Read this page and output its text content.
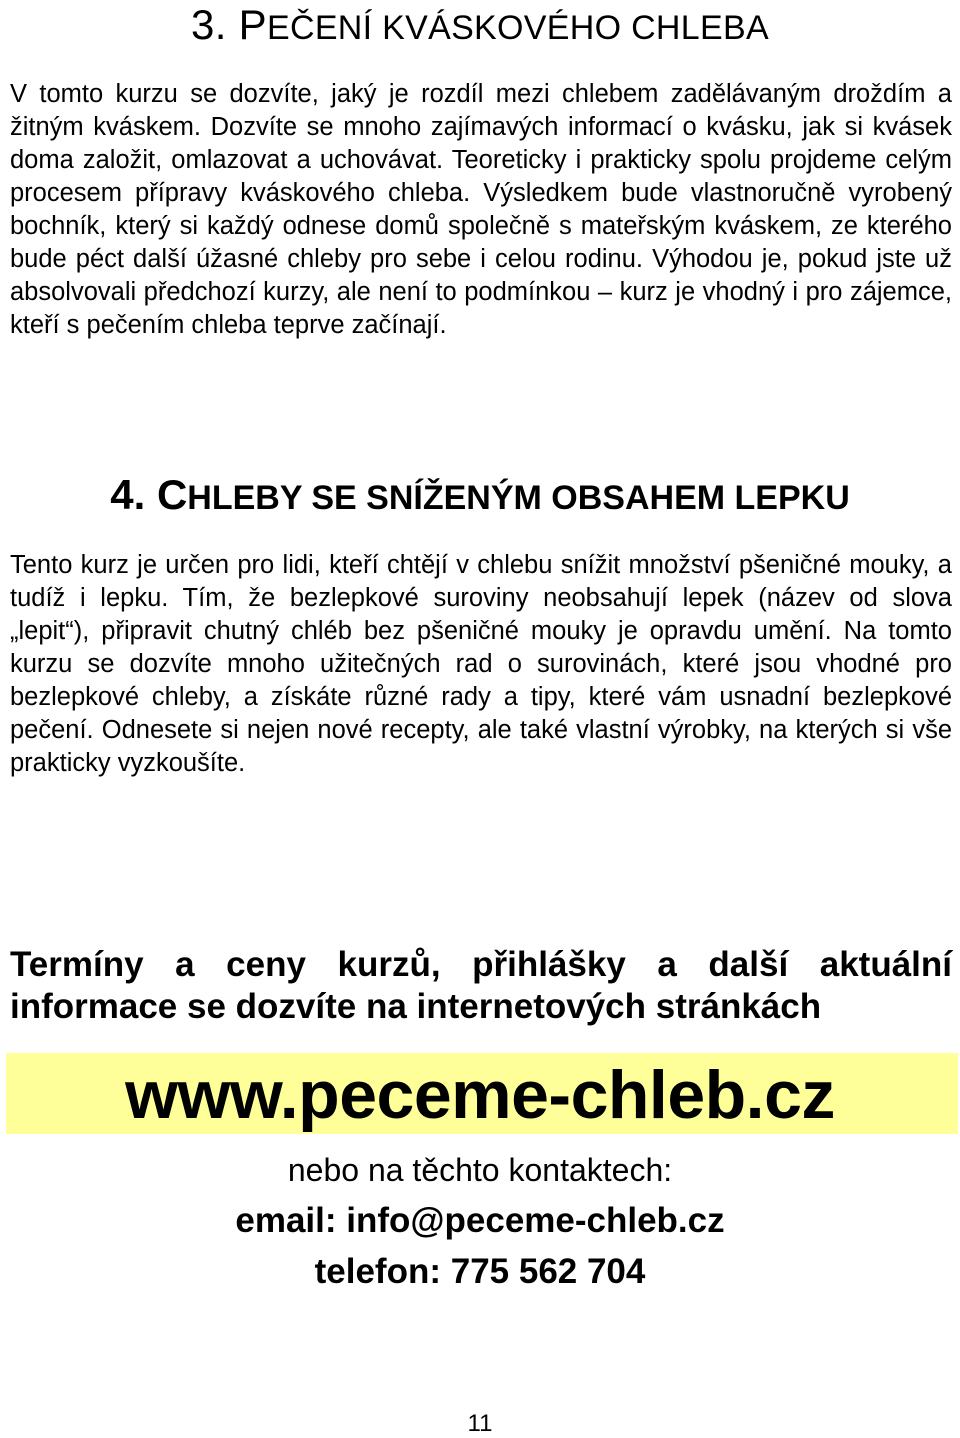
3. PEČENÍ KVÁSKOVÉHO CHLEBA

V tomto kurzu se dozvíte, jaký je rozdíl mezi chlebem zadělávaným droždím a žitným kváskem. Dozvíte se mnoho zajímavých informací o kvásku, jak si kvásek doma založit, omlazovat a uchovávat. Teoreticky i prakticky spolu projdeme celým procesem přípravy kváskového chleba. Výsledkem bude vlastnoručně vyrobený bochník, který si každý odnese domů společně s mateřským kváskem, ze kterého bude péct další úžasné chleby pro sebe i celou rodinu. Výhodou je, pokud jste už absolvovali předchozí kurzy, ale není to podmínkou – kurz je vhodný i pro zájemce, kteří s pečením chleba teprve začínají.

4. CHLEBY SE SNÍŽENÝM OBSAHEM LEPKU

Tento kurz je určen pro lidi, kteří chtějí v chlebu snížit množství pšeničné mouky, a tudíž i lepku. Tím, že bezlepkové suroviny neobsahují lepek (název od slova „lepit“), připravit chutný chléb bez pšeničné mouky je opravdu umění. Na tomto kurzu se dozvíte mnoho užitečných rad o surovinách, které jsou vhodné pro bezlepkové chleby, a získáte různé rady a tipy, které vám usnadní bezlepkové pečení. Odnesete si nejen nové recepty, ale také vlastní výrobky, na kterých si vše prakticky vyzkoušíte.

Termíny a ceny kurzů, přihlášky a další aktuální informace se dozvíte na internetových stránkách

www.peceme-chleb.cz
nebo na těchto kontaktech:
email: info@peceme-chleb.cz
telefon: 775 562 704
11
